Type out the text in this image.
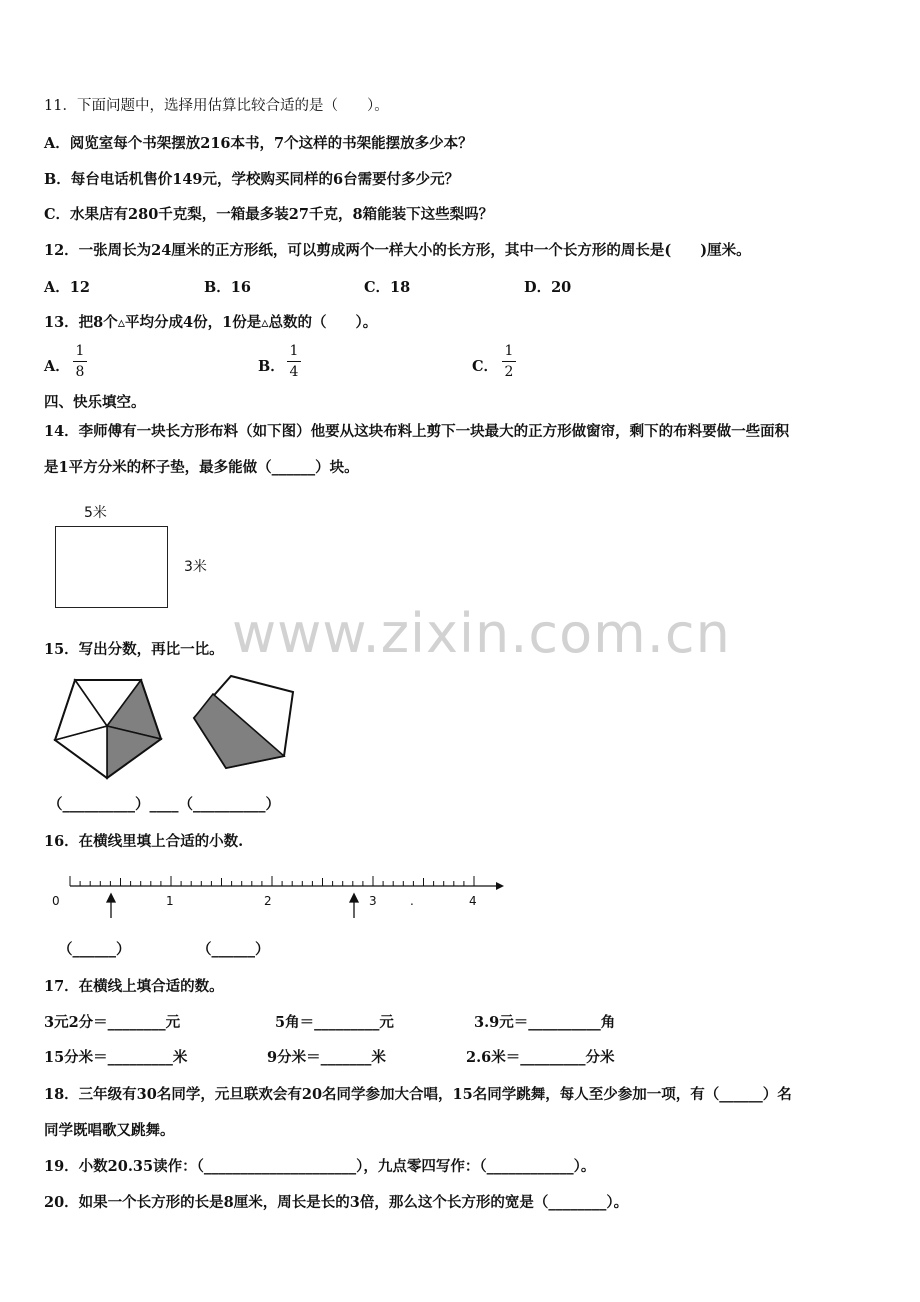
www.zixin.com.cn
11．下面问题中，选择用估算比较合适的是（　　）。
A．阅览室每个书架摆放216本书，7个这样的书架能摆放多少本？
B．每台电话机售价149元，学校购买同样的6台需要付多少元？
C．水果店有280千克梨，一箱最多装27千克，8箱能装下这些梨吗？
12．一张周长为24厘米的正方形纸，可以剪成两个一样大小的长方形，其中一个长方形的周长是(　　)厘米。
A．12	B．16	C．18	D．20
13．把8个▵平均分成4份，1份是▵总数的（　　）。
A．
1
8	B．
1
4	C．
1
2
四、快乐填空。
14．李师傅有一块长方形布料（如下图）他要从这块布料上剪下一块最大的正方形做窗帘，剩下的布料要做一些面积
是1平方分米的杯子垫，最多能做（______）块。
5米
3米
15．写出分数，再比一比。
（__________）____（__________）
16．在横线里填上合适的小数.
0	1	2	3	.	4
（______）	（______）
17．在横线上填合适的数。
3元2分＝________元	5角＝_________元	3.9元＝__________角
15分米＝_________米	9分米＝_______米	2.6米＝_________分米
18．三年级有30名同学，元旦联欢会有20名同学参加大合唱，15名同学跳舞，每人至少参加一项，有（______）名
同学既唱歌又跳舞。
19．小数20.35读作：（_____________________），九点零四写作：（____________）。
20．如果一个长方形的长是8厘米，周长是长的3倍，那么这个长方形的宽是（________）。
